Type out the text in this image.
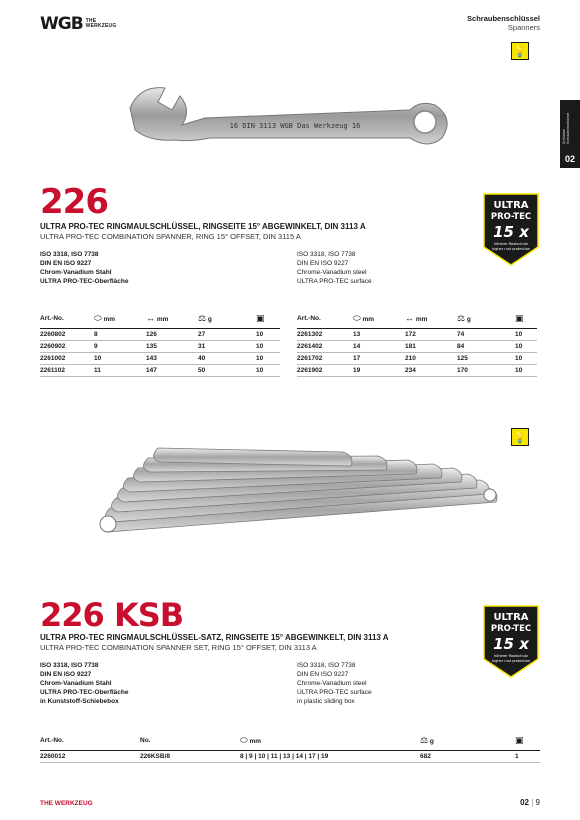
WGB THE
WERKZEUG
Schraubenschlüssel
Spanners
💡
Schlüssel Schraubenschlüssel
02
16 DIN 3113 WGB Das Werkzeug 16
226
ULTRA PRO-TEC RINGMAULSCHLÜSSEL, RINGSEITE 15° ABGEWINKELT, DIN 3113 A
ULTRA PRO-TEC COMBINATION SPANNER, RING 15° OFFSET, DIN 3115 A
ULTRA
PRO-TEC
15 x
höherer Rostschutz
higher rust protection
ISO 3318, ISO 7738
DIN EN ISO 9227
Chrom-Vanadium Stahl
ULTRA PRO-TEC-Oberfläche
ISO 3318, ISO 7738
DIN EN ISO 9227
Chrome-Vanadium steel
ULTRA PRO-TEC surface
Art.-No.	⬭ mm	↔ mm	⚖ g	▣
2260802	8	126	27	10
2260902	9	135	31	10
2261002	10	143	40	10
2261102	11	147	50	10
Art.-No.	⬭ mm	↔ mm	⚖ g	▣
2261302	13	172	74	10
2261402	14	181	84	10
2261702	17	210	125	10
2261902	19	234	170	10
💡
226 KSB
ULTRA PRO-TEC RINGMAULSCHLÜSSEL-SATZ, RINGSEITE 15° ABGEWINKELT, DIN 3113 A
ULTRA PRO-TEC COMBINATION SPANNER SET, RING 15° OFFSET, DIN 3113 A
ULTRA
PRO-TEC
15 x
höherer Rostschutz
higher rust protection
ISO 3318, ISO 7738
DIN EN ISO 9227
Chrom-Vanadium Stahl
ULTRA PRO-TEC-Oberfläche
in Kunststoff-Schiebebox
ISO 3318, ISO 7738
DIN EN ISO 9227
Chrome-Vanadium steel
ULTRA PRO-TEC surface
in plastic sliding box
Art.-No.	No.	⬭ mm	⚖ g	▣
2260012	226KSB/8	8 | 9 | 10 | 11 | 13 | 14 | 17 | 19	682	1
THE WERKZEUG	02 | 9
